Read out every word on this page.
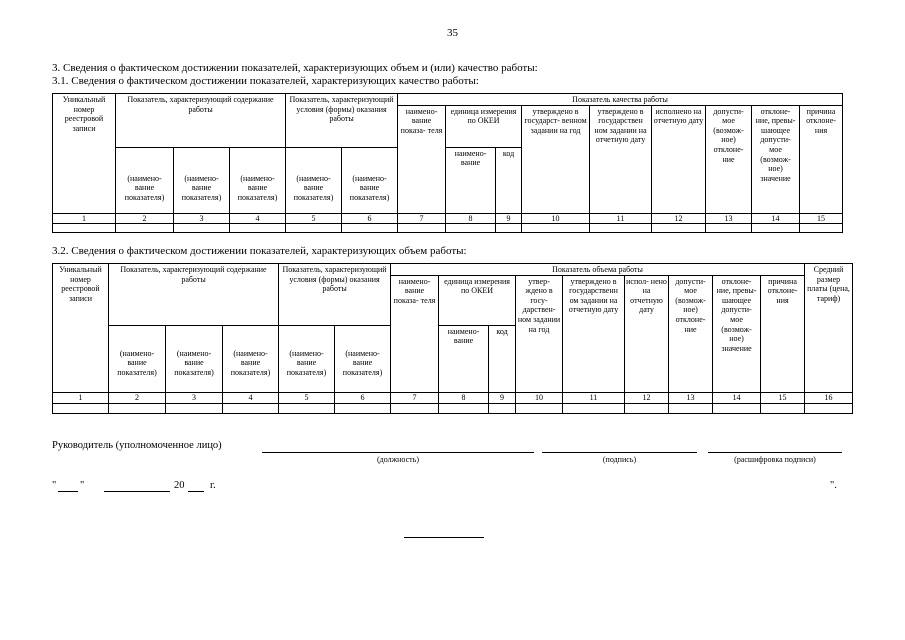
35
3. Сведения о фактическом достижении показателей, характеризующих объем и (или) качество работы:
3.1. Сведения о фактическом достижении показателей, характеризующих качество работы:
Уникальный номер реестровой записи	Показатель, характеризующий содержание работы			Показатель, характеризующий условия (формы) оказания работы		Показатель качества работы								
						наимено- вание показа- теля	единица измерения по ОКЕИ		утверждено в государст- венном задании на год	утверждено в государствен ном задании на отчетную дату	исполнено на отчетную дату	допусти- мое (возмож- ное) отклоне- ние	отклоне- ние, превы- шающее допусти- мое (возмож- ное) значение	причина отклоне- ния
	(наимено- вание показателя)	(наимено- вание показателя)	(наимено- вание показателя)	(наимено- вание показателя)	(наимено- вание показателя)		наимено- вание	код						
1	2	3	4	5	6	7	8	9	10	11	12	13	14	15

3.2. Сведения о фактическом достижении показателей, характеризующих объем работы:
Уникальный номер реестровой записи	Показатель, характеризующий содержание работы			Показатель, характеризующий условия (формы) оказания работы		Показатель объема работы									Средний размер платы (цена, тариф)
						наимено- вание показа- теля	единица измерения по ОКЕИ		утвер- ждено в госу- дарствен- ном задании на год	утверждено в государственн ом задании на отчетную дату	испол- нено на отчетную дату	допусти- мое (возмож- ное) отклоне- ние	отклоне- ние, превы- шающее допусти- мое (возмож- ное) значение	причина отклоне- ния	
	(наимено- вание показателя)	(наимено- вание показателя)	(наимено- вание показателя)	(наимено- вание показателя)	(наимено- вание показателя)		наимено- вание	код							
1	2	3	4	5	6	7	8	9	10	11	12	13	14	15	16

Руководитель (уполномоченное лицо)
(должность)	(подпись)	(расшифровка подписи)
" "	20 г.	".
